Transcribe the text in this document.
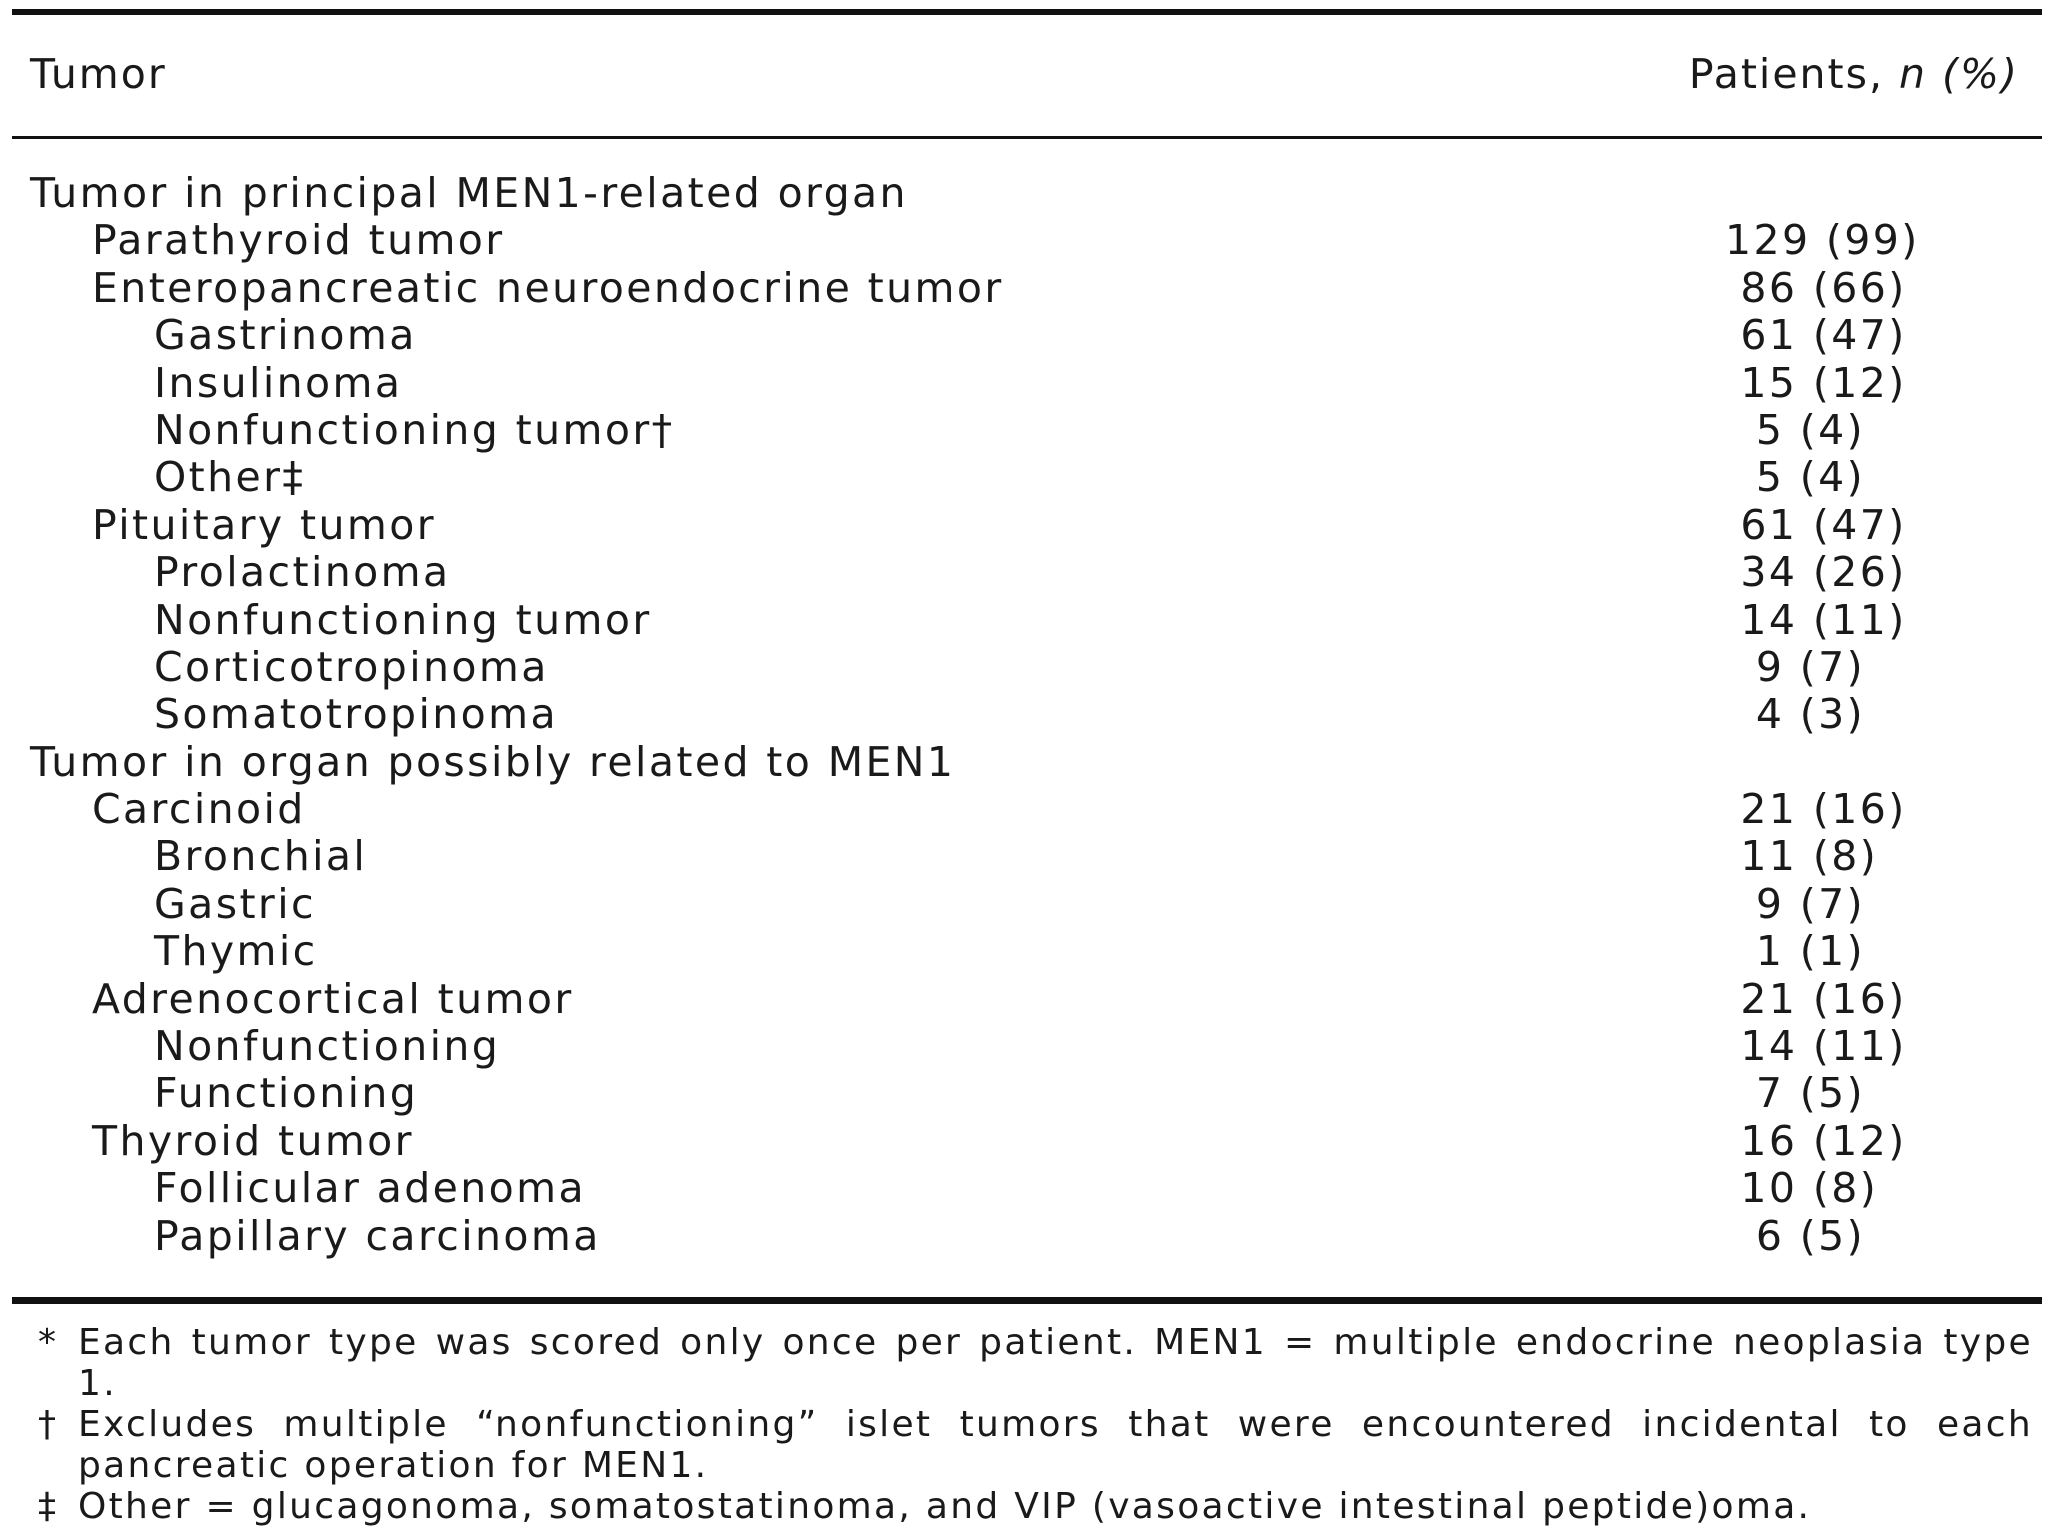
Tumor	Patients, n (%)
Tumor in principal MEN1-related organ
Parathyroid tumor	129 (99)
Enteropancreatic neuroendocrine tumor	86 (66)
Gastrinoma	61 (47)
Insulinoma	15 (12)
Nonfunctioning tumor†	5 (4)
Other‡	5 (4)
Pituitary tumor	61 (47)
Prolactinoma	34 (26)
Nonfunctioning tumor	14 (11)
Corticotropinoma	9 (7)
Somatotropinoma	4 (3)
Tumor in organ possibly related to MEN1
Carcinoid	21 (16)
Bronchial	11 (8)
Gastric	9 (7)
Thymic	1 (1)
Adrenocortical tumor	21 (16)
Nonfunctioning	14 (11)
Functioning	7 (5)
Thyroid tumor	16 (12)
Follicular adenoma	10 (8)
Papillary carcinoma	6 (5)
* Each tumor type was scored only once per patient. MEN1 = multiple endocrine neoplasia type 1.
† Excludes multiple “nonfunctioning” islet tumors that were encountered incidental to each pancreatic operation for MEN1.
‡ Other = glucagonoma, somatostatinoma, and VIP (vasoactive intestinal peptide)oma.
